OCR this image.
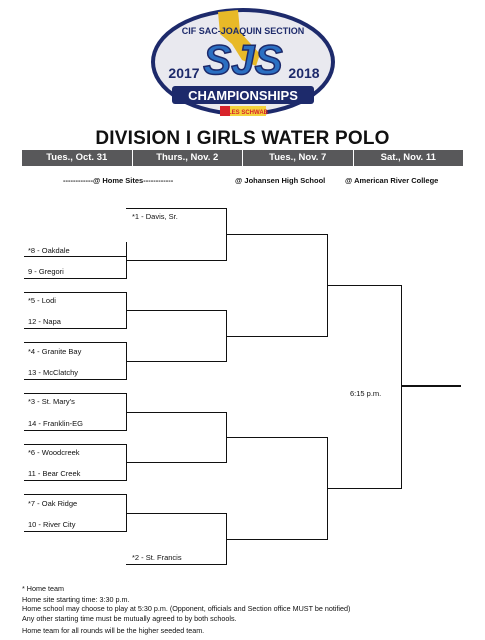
CIF SAC-JOAQUIN SECTION
SJS
2017	2018
CHAMPIONSHIPS
LES SCHWAB
DIVISION I GIRLS WATER POLO
Tues., Oct. 31	Thurs., Nov. 2	Tues., Nov. 7	Sat., Nov. 11
------------@ Home Sites------------	@ Johansen High School	@ American River College
*1 - Davis, Sr.
*8 - Oakdale
9 - Gregori
*5 - Lodi
12 - Napa
*4 - Granite Bay
13 - McClatchy
*3 - St. Mary's
14 - Franklin-EG
*6 - Woodcreek
11 - Bear Creek
*7 - Oak Ridge
10 - River City
*2 - St. Francis
6:15 p.m.
* Home team
Home site starting time: 3:30 p.m.
Home school may choose to play at 5:30 p.m. (Opponent, officials and Section office MUST be notified)
Any other starting time must be mutually agreed to by both schools.
Home team for all rounds will be the higher seeded team.
